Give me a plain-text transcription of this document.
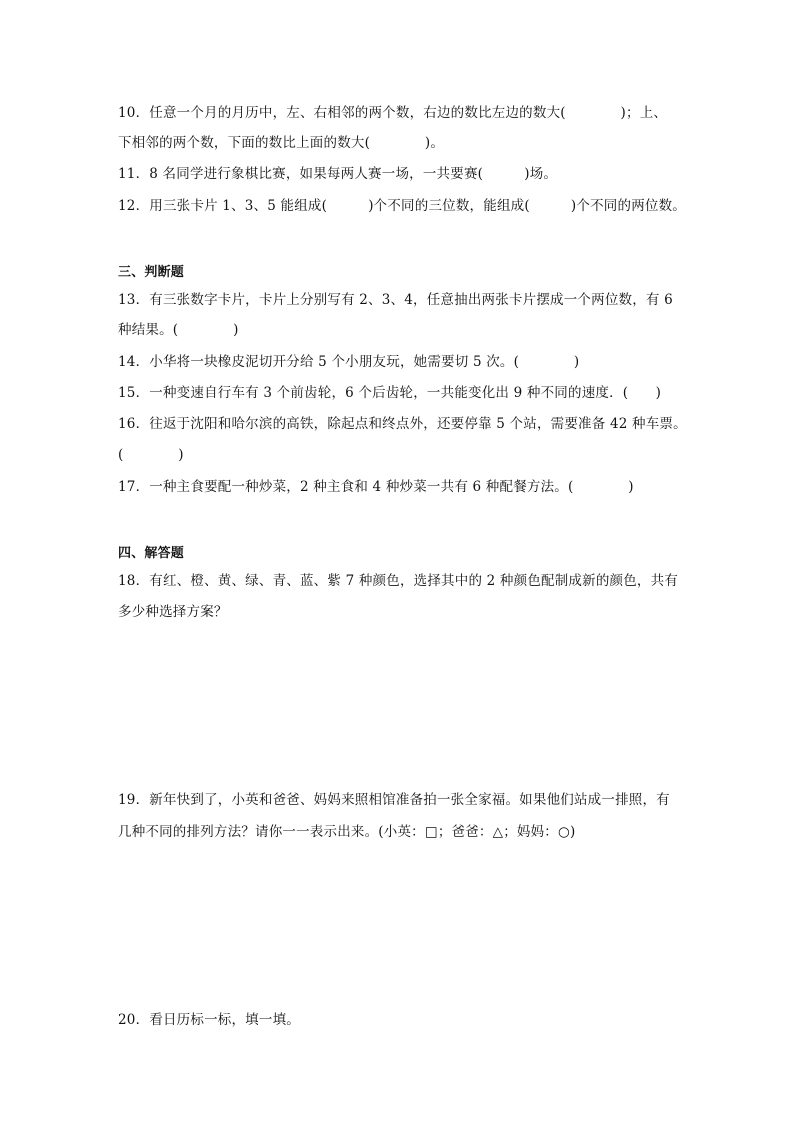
10．任意一个月的月历中，左、右相邻的两个数，右边的数比左边的数大(　　　　)；上、
下相邻的两个数，下面的数比上面的数大(　　　　)。
11．8 名同学进行象棋比赛，如果每两人赛一场，一共要赛(　　　)场。
12．用三张卡片 1、3、5 能组成(　　　)个不同的三位数，能组成(　　　)个不同的两位数。
三、判断题
13．有三张数字卡片，卡片上分别写有 2、3、4，任意抽出两张卡片摆成一个两位数，有 6
种结果。(　　　　)
14．小华将一块橡皮泥切开分给 5 个小朋友玩，她需要切 5 次。(　　　　)
15．一种变速自行车有 3 个前齿轮，6 个后齿轮，一共能变化出 9 种不同的速度．(　　)
16．往返于沈阳和哈尔滨的高铁，除起点和终点外，还要停靠 5 个站，需要准备 42 种车票。
(　　　　)
17．一种主食要配一种炒菜，2 种主食和 4 种炒菜一共有 6 种配餐方法。(　　　　)
四、解答题
18．有红、橙、黄、绿、青、蓝、紫 7 种颜色，选择其中的 2 种颜色配制成新的颜色，共有
多少种选择方案？
19．新年快到了，小英和爸爸、妈妈来照相馆准备拍一张全家福。如果他们站成一排照，有
几种不同的排列方法？请你一一表示出来。(小英：□；爸爸：△；妈妈：○)
20．看日历标一标，填一填。
